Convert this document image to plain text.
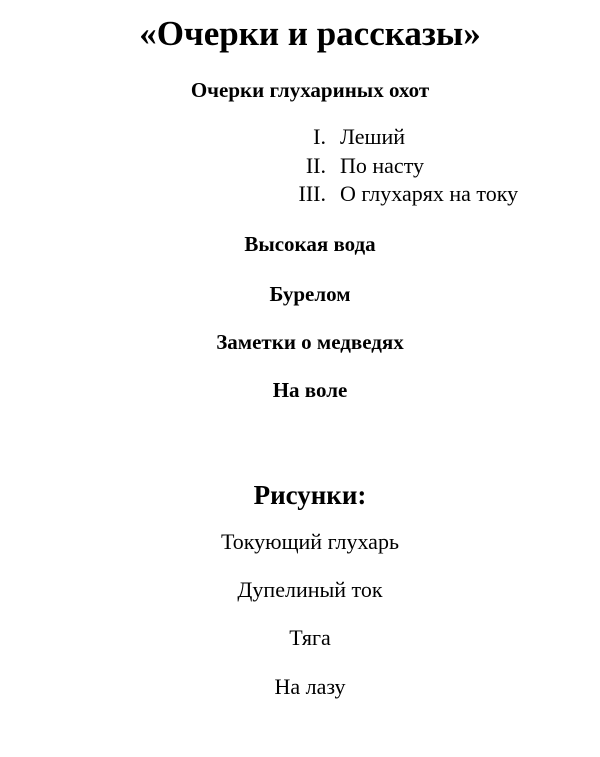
«Очерки и рассказы»
Очерки глухариных охот
I. Леший
II. По насту
III. О глухарях на току
Высокая вода
Бурелом
Заметки о медведях
На воле
Рисунки:
Токующий глухарь
Дупелиный ток
Тяга
На лазу
